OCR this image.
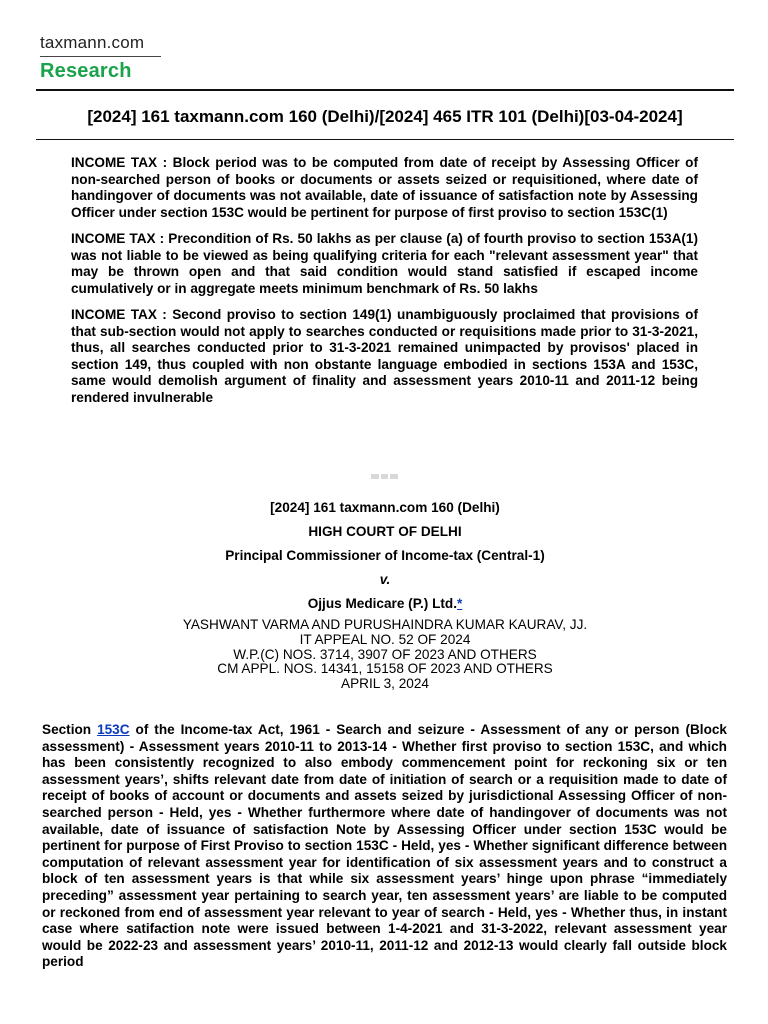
taxmann.com
Research
[2024] 161 taxmann.com 160 (Delhi)/[2024] 465 ITR 101 (Delhi)[03-04-2024]

INCOME TAX : Block period was to be computed from date of receipt by Assessing Officer of non-searched person of books or documents or assets seized or requisitioned, where date of handingover of documents was not available, date of issuance of satisfaction note by Assessing Officer under section 153C would be pertinent for purpose of first proviso to section 153C(1)

INCOME TAX : Precondition of Rs. 50 lakhs as per clause (a) of fourth proviso to section 153A(1) was not liable to be viewed as being qualifying criteria for each "relevant assessment year" that may be thrown open and that said condition would stand satisfied if escaped income cumulatively or in aggregate meets minimum benchmark of Rs. 50 lakhs

INCOME TAX : Second proviso to section 149(1) unambiguously proclaimed that provisions of that sub-section would not apply to searches conducted or requisitions made prior to 31-3-2021, thus, all searches conducted prior to 31-3-2021 remained unimpacted by provisos' placed in section 149, thus coupled with non obstante language embodied in sections 153A and 153C, same would demolish argument of finality and assessment years 2010-11 and 2011-12 being rendered invulnerable

[2024] 161 taxmann.com 160 (Delhi)
HIGH COURT OF DELHI
Principal Commissioner of Income-tax (Central-1)
v.
Ojjus Medicare (P.) Ltd.*
YASHWANT VARMA AND PURUSHAINDRA KUMAR KAURAV, JJ.
IT APPEAL NO. 52 OF 2024
W.P.(C) NOS. 3714, 3907 OF 2023 AND OTHERS
CM APPL. NOS. 14341, 15158 OF 2023 AND OTHERS
APRIL 3, 2024
Section 153C of the Income-tax Act, 1961 - Search and seizure - Assessment of any or person (Block assessment) - Assessment years 2010-11 to 2013-14 - Whether first proviso to section 153C, and which has been consistently recognized to also embody commencement point for reckoning six or ten assessment years’, shifts relevant date from date of initiation of search or a requisition made to date of receipt of books of account or documents and assets seized by jurisdictional Assessing Officer of non-searched person - Held, yes - Whether furthermore where date of handingover of documents was not available, date of issuance of satisfaction Note by Assessing Officer under section 153C would be pertinent for purpose of First Proviso to section 153C - Held, yes - Whether significant difference between computation of relevant assessment year for identification of six assessment years and to construct a block of ten assessment years is that while six assessment years’ hinge upon phrase “immediately preceding” assessment year pertaining to search year, ten assessment years’ are liable to be computed or reckoned from end of assessment year relevant to year of search - Held, yes - Whether thus, in instant case where satifaction note were issued between 1-4-2021 and 31-3-2022, relevant assessment year would be 2022-23 and assessment years’ 2010-11, 2011-12 and 2012-13 would clearly fall outside block period
